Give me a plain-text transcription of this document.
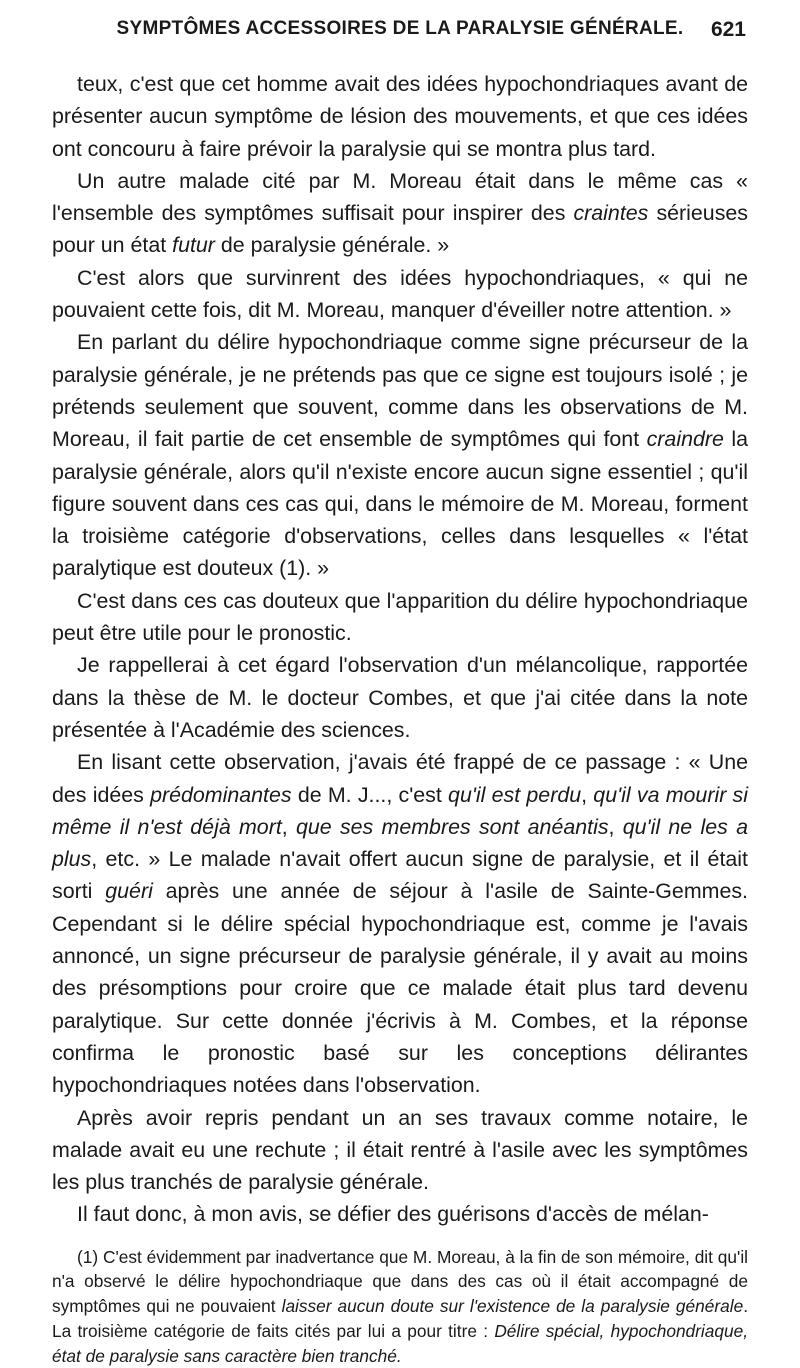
SYMPTÔMES ACCESSOIRES DE LA PARALYSIE GÉNÉRALE. 621

teux, c'est que cet homme avait des idées hypochondriaques avant de présenter aucun symptôme de lésion des mouvements, et que ces idées ont concouru à faire prévoir la paralysie qui se montra plus tard.

Un autre malade cité par M. Moreau était dans le même cas « l'ensemble des symptômes suffisait pour inspirer des craintes sérieuses pour un état futur de paralysie générale. »

C'est alors que survinrent des idées hypochondriaques, « qui ne pouvaient cette fois, dit M. Moreau, manquer d'éveiller notre attention. »

En parlant du délire hypochondriaque comme signe précurseur de la paralysie générale, je ne prétends pas que ce signe est toujours isolé ; je prétends seulement que souvent, comme dans les observations de M. Moreau, il fait partie de cet ensemble de symptômes qui font craindre la paralysie générale, alors qu'il n'existe encore aucun signe essentiel ; qu'il figure souvent dans ces cas qui, dans le mémoire de M. Moreau, forment la troisième catégorie d'observations, celles dans lesquelles « l'état paralytique est douteux (1). »

C'est dans ces cas douteux que l'apparition du délire hypochondriaque peut être utile pour le pronostic.

Je rappellerai à cet égard l'observation d'un mélancolique, rapportée dans la thèse de M. le docteur Combes, et que j'ai citée dans la note présentée à l'Académie des sciences.

En lisant cette observation, j'avais été frappé de ce passage : « Une des idées prédominantes de M. J..., c'est qu'il est perdu, qu'il va mourir si même il n'est déjà mort, que ses membres sont anéantis, qu'il ne les a plus, etc. » Le malade n'avait offert aucun signe de paralysie, et il était sorti guéri après une année de séjour à l'asile de Sainte-Gemmes. Cependant si le délire spécial hypochondriaque est, comme je l'avais annoncé, un signe précurseur de paralysie générale, il y avait au moins des présomptions pour croire que ce malade était plus tard devenu paralytique. Sur cette donnée j'écrivis à M. Combes, et la réponse confirma le pronostic basé sur les conceptions délirantes hypochondriaques notées dans l'observation.

Après avoir repris pendant un an ses travaux comme notaire, le malade avait eu une rechute ; il était rentré à l'asile avec les symptômes les plus tranchés de paralysie générale.

Il faut donc, à mon avis, se défier des guérisons d'accès de mélan-

(1) C'est évidemment par inadvertance que M. Moreau, à la fin de son mémoire, dit qu'il n'a observé le délire hypochondriaque que dans des cas où il était accompagné de symptômes qui ne pouvaient laisser aucun doute sur l'existence de la paralysie générale. La troisième catégorie de faits cités par lui a pour titre : Délire spécial, hypochondriaque, état de paralysie sans caractère bien tranché.
